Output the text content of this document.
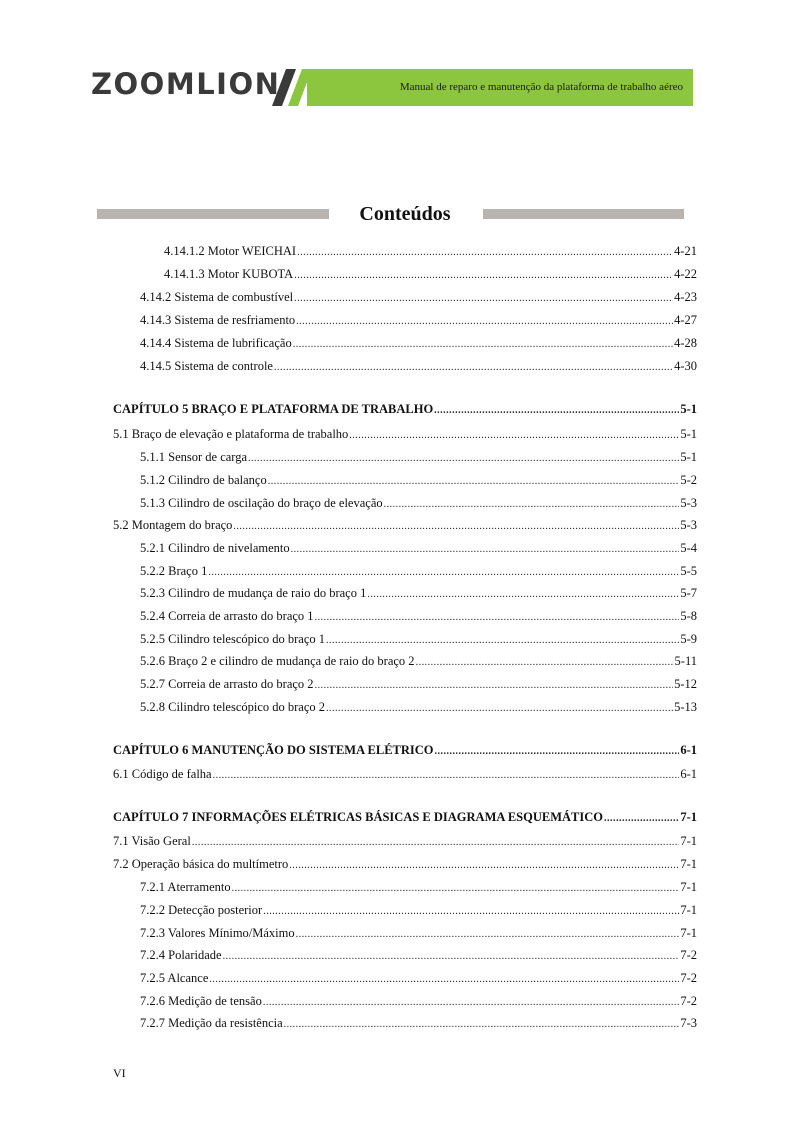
ZOOMLION	Manual de reparo e manutenção da plataforma de trabalho aéreo
Conteúdos
4.14.1.2 Motor WEICHAI .....	4-21
4.14.1.3 Motor KUBOTA .....	4-22
4.14.2 Sistema de combustível .....	4-23
4.14.3 Sistema de resfriamento .....	4-27
4.14.4 Sistema de lubrificação .....	4-28
4.14.5 Sistema de controle .....	4-30
CAPÍTULO 5 BRAÇO E PLATAFORMA DE TRABALHO .....	5-1
5.1 Braço de elevação e plataforma de trabalho .....	5-1
5.1.1 Sensor de carga .....	5-1
5.1.2 Cilindro de balanço .....	5-2
5.1.3 Cilindro de oscilação do braço de elevação .....	5-3
5.2 Montagem do braço .....	5-3
5.2.1 Cilindro de nivelamento .....	5-4
5.2.2 Braço 1 .....	5-5
5.2.3 Cilindro de mudança de raio do braço 1 .....	5-7
5.2.4 Correia de arrasto do braço 1 .....	5-8
5.2.5 Cilindro telescópico do braço 1 .....	5-9
5.2.6 Braço 2 e cilindro de mudança de raio do braço 2 .....	5-11
5.2.7 Correia de arrasto do braço 2 .....	5-12
5.2.8 Cilindro telescópico do braço 2 .....	5-13
CAPÍTULO 6 MANUTENÇÃO DO SISTEMA ELÉTRICO .....	6-1
6.1 Código de falha .....	6-1
CAPÍTULO 7 INFORMAÇÕES ELÉTRICAS BÁSICAS E DIAGRAMA ESQUEMÁTICO .....	7-1
7.1 Visão Geral .....	7-1
7.2 Operação básica do multímetro .....	7-1
7.2.1 Aterramento .....	7-1
7.2.2 Detecção posterior .....	7-1
7.2.3 Valores Mínimo/Máximo .....	7-1
7.2.4 Polaridade .....	7-2
7.2.5 Alcance .....	7-2
7.2.6 Medição de tensão .....	7-2
7.2.7 Medição da resistência .....	7-3
VI
